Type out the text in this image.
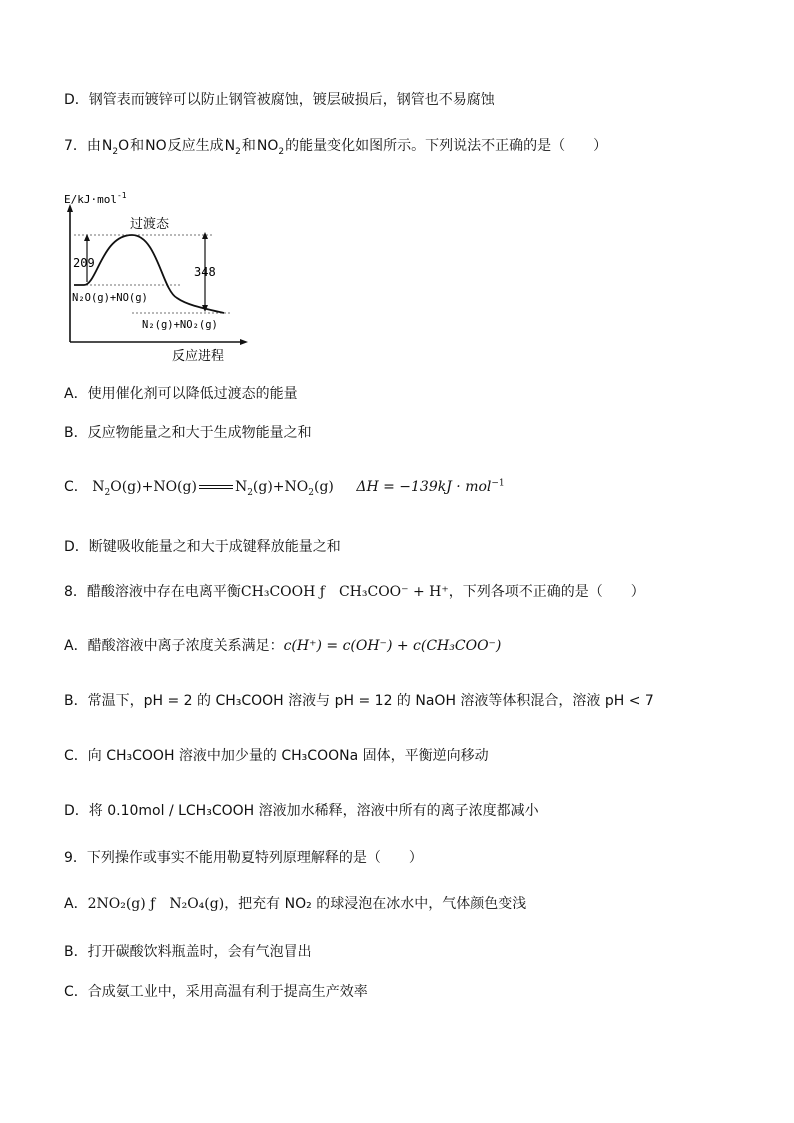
D．钢管表而镀锌可以防止钢管被腐蚀，镀层破损后，钢管也不易腐蚀
7．由$N_2O$和NO反应生成$N_2$和$NO_2$的能量变化如图所示。下列说法不正确的是（　　）
E/kJ·mol$^{-1}$
209
348
过渡态
N₂O(g)+NO(g)
N₂(g)+NO₂(g)
反应进程
A．使用催化剂可以降低过渡态的能量
B．反应物能量之和大于生成物能量之和
C． $N_2O(g)+NO(g)$	$N_2(g)+NO_2(g) \Delta H = -139kJ \cdot mol^{-1}$
D．断键吸收能量之和大于成键释放能量之和
8．醋酸溶液中存在电离平衡CH₃COOH ƒ　CH₃COO⁻ + H⁺，下列各项不正确的是（　　）
A．醋酸溶液中离子浓度关系满足：c(H⁺) = c(OH⁻) + c(CH₃COO⁻)
B．常温下，pH = 2 的 CH₃COOH 溶液与 pH = 12 的 NaOH 溶液等体积混合，溶液 pH < 7
C．向 CH₃COOH 溶液中加少量的 CH₃COONa 固体，平衡逆向移动
D．将 0.10mol / LCH₃COOH 溶液加水稀释，溶液中所有的离子浓度都减小
9．下列操作或事实不能用勒夏特列原理解释的是（　　）
A．2NO₂(g) ƒ　N₂O₄(g)，把充有 NO₂ 的球浸泡在冰水中，气体颜色变浅
B．打开碳酸饮料瓶盖时，会有气泡冒出
C．合成氨工业中，采用高温有利于提高生产效率
